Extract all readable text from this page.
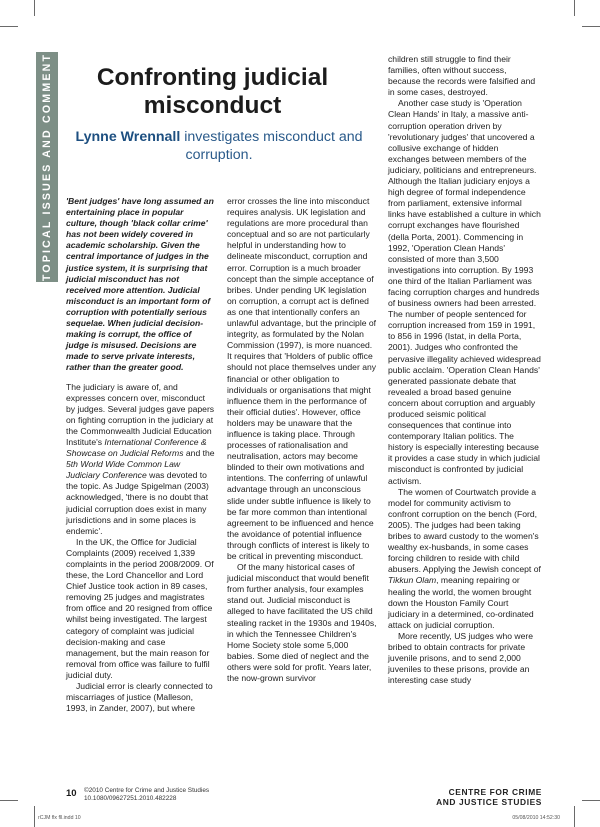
TOPICAL ISSUES AND COMMENT	Confronting judicial misconduct

Lynne Wrennall investigates misconduct and corruption.

'Bent judges' have long assumed an entertaining place in popular culture, though 'black collar crime' has not been widely covered in academic scholarship. Given the central importance of judges in the justice system, it is surprising that judicial misconduct has not received more attention. Judicial misconduct is an important form of corruption with potentially serious sequelae. When judicial decision-making is corrupt, the office of judge is misused. Decisions are made to serve private interests, rather than the greater good.

The judiciary is aware of, and expresses concern over, misconduct by judges. Several judges gave papers on fighting corruption in the judiciary at the Commonwealth Judicial Education Institute's International Conference & Showcase on Judicial Reforms and the 5th World Wide Common Law Judiciary Conference was devoted to the topic. As Judge Spigelman (2003) acknowledged, 'there is no doubt that judicial corruption does exist in many jurisdictions and in some places is endemic'.

In the UK, the Office for Judicial Complaints (2009) received 1,339 complaints in the period 2008/2009. Of these, the Lord Chancellor and Lord Chief Justice took action in 89 cases, removing 25 judges and magistrates from office and 20 resigned from office whilst being investigated. The largest category of complaint was judicial decision-making and case management, but the main reason for removal from office was failure to fulfil judicial duty.

Judicial error is clearly connected to miscarriages of justice (Malleson, 1993, in Zander, 2007), but where

error crosses the line into misconduct requires analysis. UK legislation and regulations are more procedural than conceptual and so are not particularly helpful in understanding how to delineate misconduct, corruption and error. Corruption is a much broader concept than the simple acceptance of bribes. Under pending UK legislation on corruption, a corrupt act is defined as one that intentionally confers an unlawful advantage, but the principle of integrity, as formulated by the Nolan Commission (1997), is more nuanced. It requires that 'Holders of public office should not place themselves under any financial or other obligation to individuals or organisations that might influence them in the performance of their official duties'. However, office holders may be unaware that the influence is taking place. Through processes of rationalisation and neutralisation, actors may become blinded to their own motivations and intentions. The conferring of unlawful advantage through an unconscious slide under subtle influence is likely to be far more common than intentional agreement to be influenced and hence the avoidance of potential influence through conflicts of interest is likely to be critical in preventing misconduct.

Of the many historical cases of judicial misconduct that would benefit from further analysis, four examples stand out. Judicial misconduct is alleged to have facilitated the US child stealing racket in the 1930s and 1940s, in which the Tennessee Children's Home Society stole some 5,000 babies. Some died of neglect and the others were sold for profit. Years later, the now-grown survivor

children still struggle to find their families, often without success, because the records were falsified and in some cases, destroyed.

Another case study is 'Operation Clean Hands' in Italy, a massive anti-corruption operation driven by 'revolutionary judges' that uncovered a collusive exchange of hidden exchanges between members of the judiciary, politicians and entrepreneurs. Although the Italian judiciary enjoys a high degree of formal independence from parliament, extensive informal links have established a culture in which corrupt exchanges have flourished (della Porta, 2001). Commencing in 1992, 'Operation Clean Hands' consisted of more than 3,500 investigations into corruption. By 1993 one third of the Italian Parliament was facing corruption charges and hundreds of business owners had been arrested. The number of people sentenced for corruption increased from 159 in 1991, to 856 in 1996 (Istat, in della Porta, 2001). Judges who confronted the pervasive illegality achieved widespread public acclaim. 'Operation Clean Hands' generated passionate debate that revealed a broad based genuine concern about corruption and arguably produced seismic political consequences that continue into contemporary Italian politics. The history is especially interesting because it provides a case study in which judicial misconduct is confronted by judicial activism.

The women of Courtwatch provide a model for community activism to confront corruption on the bench (Ford, 2005). The judges had been taking bribes to award custody to the women's wealthy ex-husbands, in some cases forcing children to reside with child abusers. Applying the Jewish concept of Tikkun Olam, meaning repairing or healing the world, the women brought down the Houston Family Court judiciary in a determined, co-ordinated attack on judicial corruption.

More recently, US judges who were bribed to obtain contracts for private juvenile prisons, and to send 2,000 juveniles to these prisons, provide an interesting case study

10 ©2010 Centre for Crime and Justice Studies
10.1080/09627251.2010.482228
CENTRE FOR CRIME
AND JUSTICE STUDIES
rCJM flx fll.indd 10	05/08/2010 14:52:30
